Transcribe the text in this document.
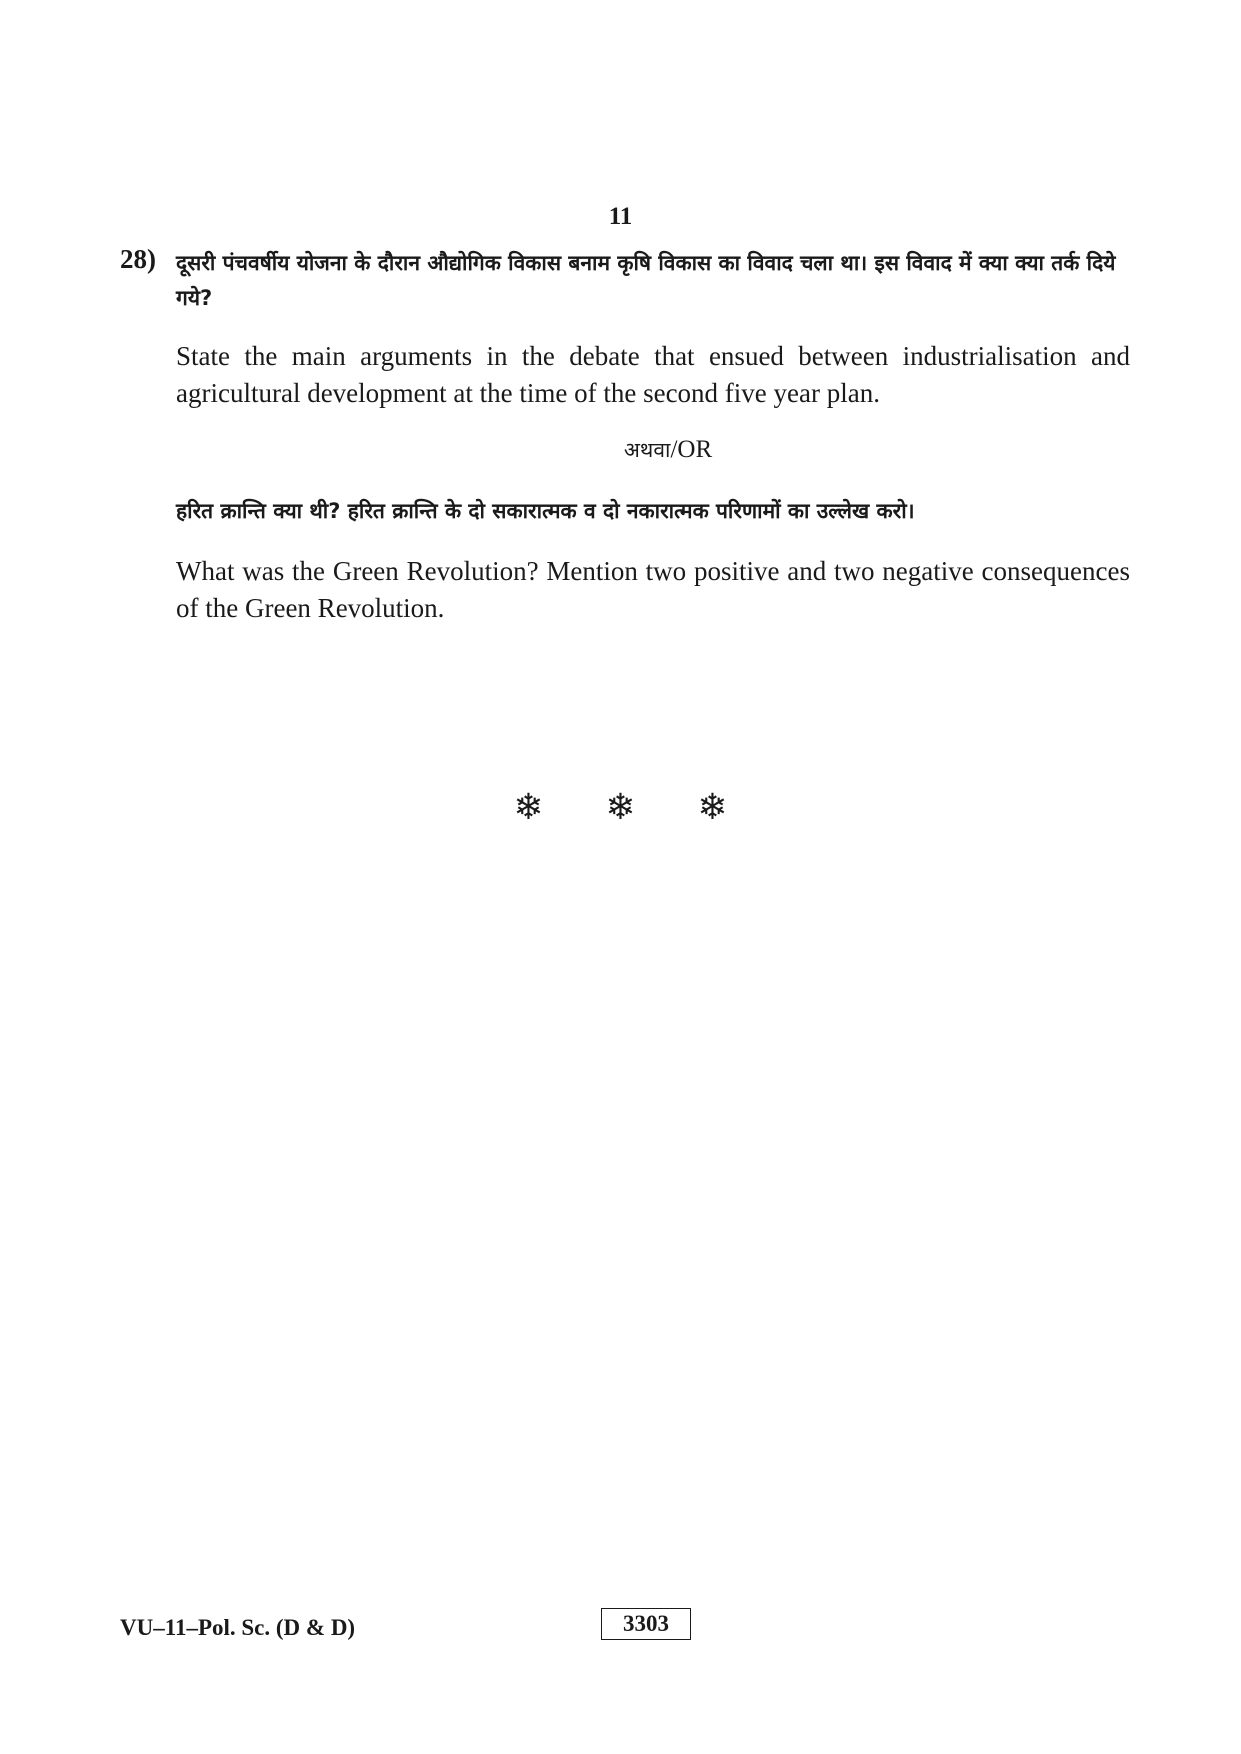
11
28) दूसरी पंचवर्षीय योजना के दौरान औद्योगिक विकास बनाम कृषि विकास का विवाद चला था। इस विवाद में क्या क्या तर्क दिये गये?
State the main arguments in the debate that ensued between industrialisation and agricultural development at the time of the second five year plan.
अथवा/OR
हरित क्रान्ति क्या थी? हरित क्रान्ति के दो सकारात्मक व दो नकारात्मक परिणामों का उल्लेख करो।
What was the Green Revolution? Mention two positive and two negative consequences of the Green Revolution.
❄ ❄ ❄
VU–11–Pol. Sc. (D & D)	3303
